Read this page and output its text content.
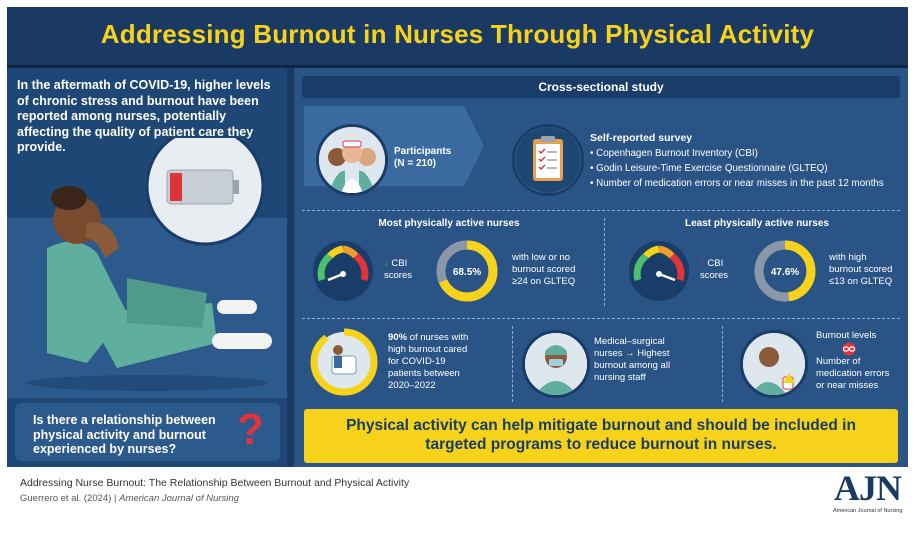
Addressing Burnout in Nurses Through Physical Activity
In the aftermath of COVID-19, higher levels of chronic stress and burnout have been reported among nurses, potentially affecting the quality of patient care they provide.
Is there a relationship between physical activity and burnout experienced by nurses?	?
Cross-sectional study
Participants
(N = 210)
Self-reported survey
• Copenhagen Burnout Inventory (CBI)
• Godin Leisure-Time Exercise Questionnaire (GLTEQ)
• Number of medication errors or near misses in the past 12 months
Most physically active nurses
↓ CBI
scores	68.5%
with low or no
burnout scored
≥24 on GLTEQ
Least physically active nurses
↑ CBI
scores	47.6%
with high
burnout scored
≤13 on GLTEQ
90% of nurses with
high burnout cared
for COVID-19
patients between
2020–2022
Medical–surgical
nurses → Highest
burnout among all
nursing staff
Burnout levels
Number of
medication errors
or near misses
Physical activity can help mitigate burnout and should be included in
targeted programs to reduce burnout in nurses.
Addressing Nurse Burnout: The Relationship Between Burnout and Physical Activity
Guerrero et al. (2024) | American Journal of Nursing	AJN
American Journal of Nursing
